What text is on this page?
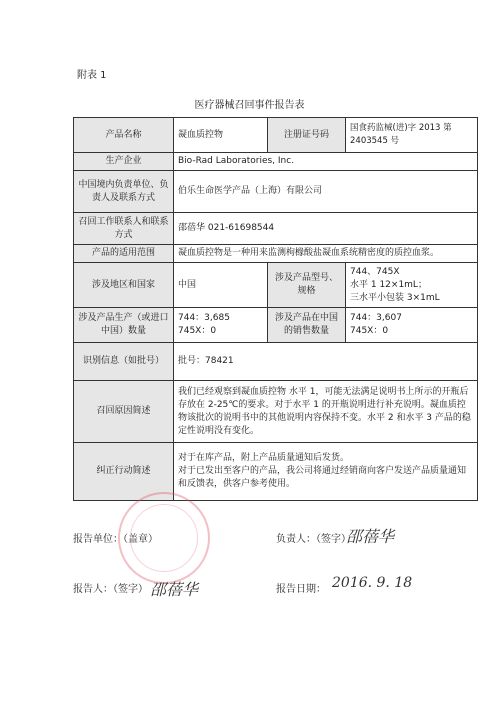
附表 1
医疗器械召回事件报告表
产品名称	凝血质控物	注册证号码	国食药监械(进)字 2013 第 2403545 号
生产企业	Bio-Rad Laboratories, Inc.		
中国境内负责单位、负责人及联系方式	伯乐生命医学产品（上海）有限公司		
召回工作联系人和联系方式	邵蓓华 021-61698544		
产品的适用范围	凝血质控物是一种用来监测枸橼酸盐凝血系统精密度的质控血浆。		
涉及地区和国家	中国	涉及产品型号、规格	744、745X
水平 1 12×1mL；
三水平小包装 3×1mL
涉及产品生产（或进口中国）数量	744：3,685
745X：0	涉及产品在中国的销售数量	744：3,607
745X：0
识别信息（如批号）	批号：78421		
召回原因简述	我们已经观察到凝血质控物 水平 1，可能无法满足说明书上所示的开瓶后存放在 2-25℃的要求。对于水平 1 的开瓶说明进行补充说明。凝血质控物该批次的说明书中的其他说明内容保持不变。水平 2 和水平 3 产品的稳定性说明没有变化。		
纠正行动简述	对于在库产品，附上产品质量通知后发货。
对于已发出至客户的产品，我公司将通过经销商向客户发送产品质量通知和反馈表，供客户参考使用。		
报告单位：（盖章）	负责人：（签字）
邵蓓华
报告人：（签字） 邵蓓华	报告日期： 2016. 9. 18
